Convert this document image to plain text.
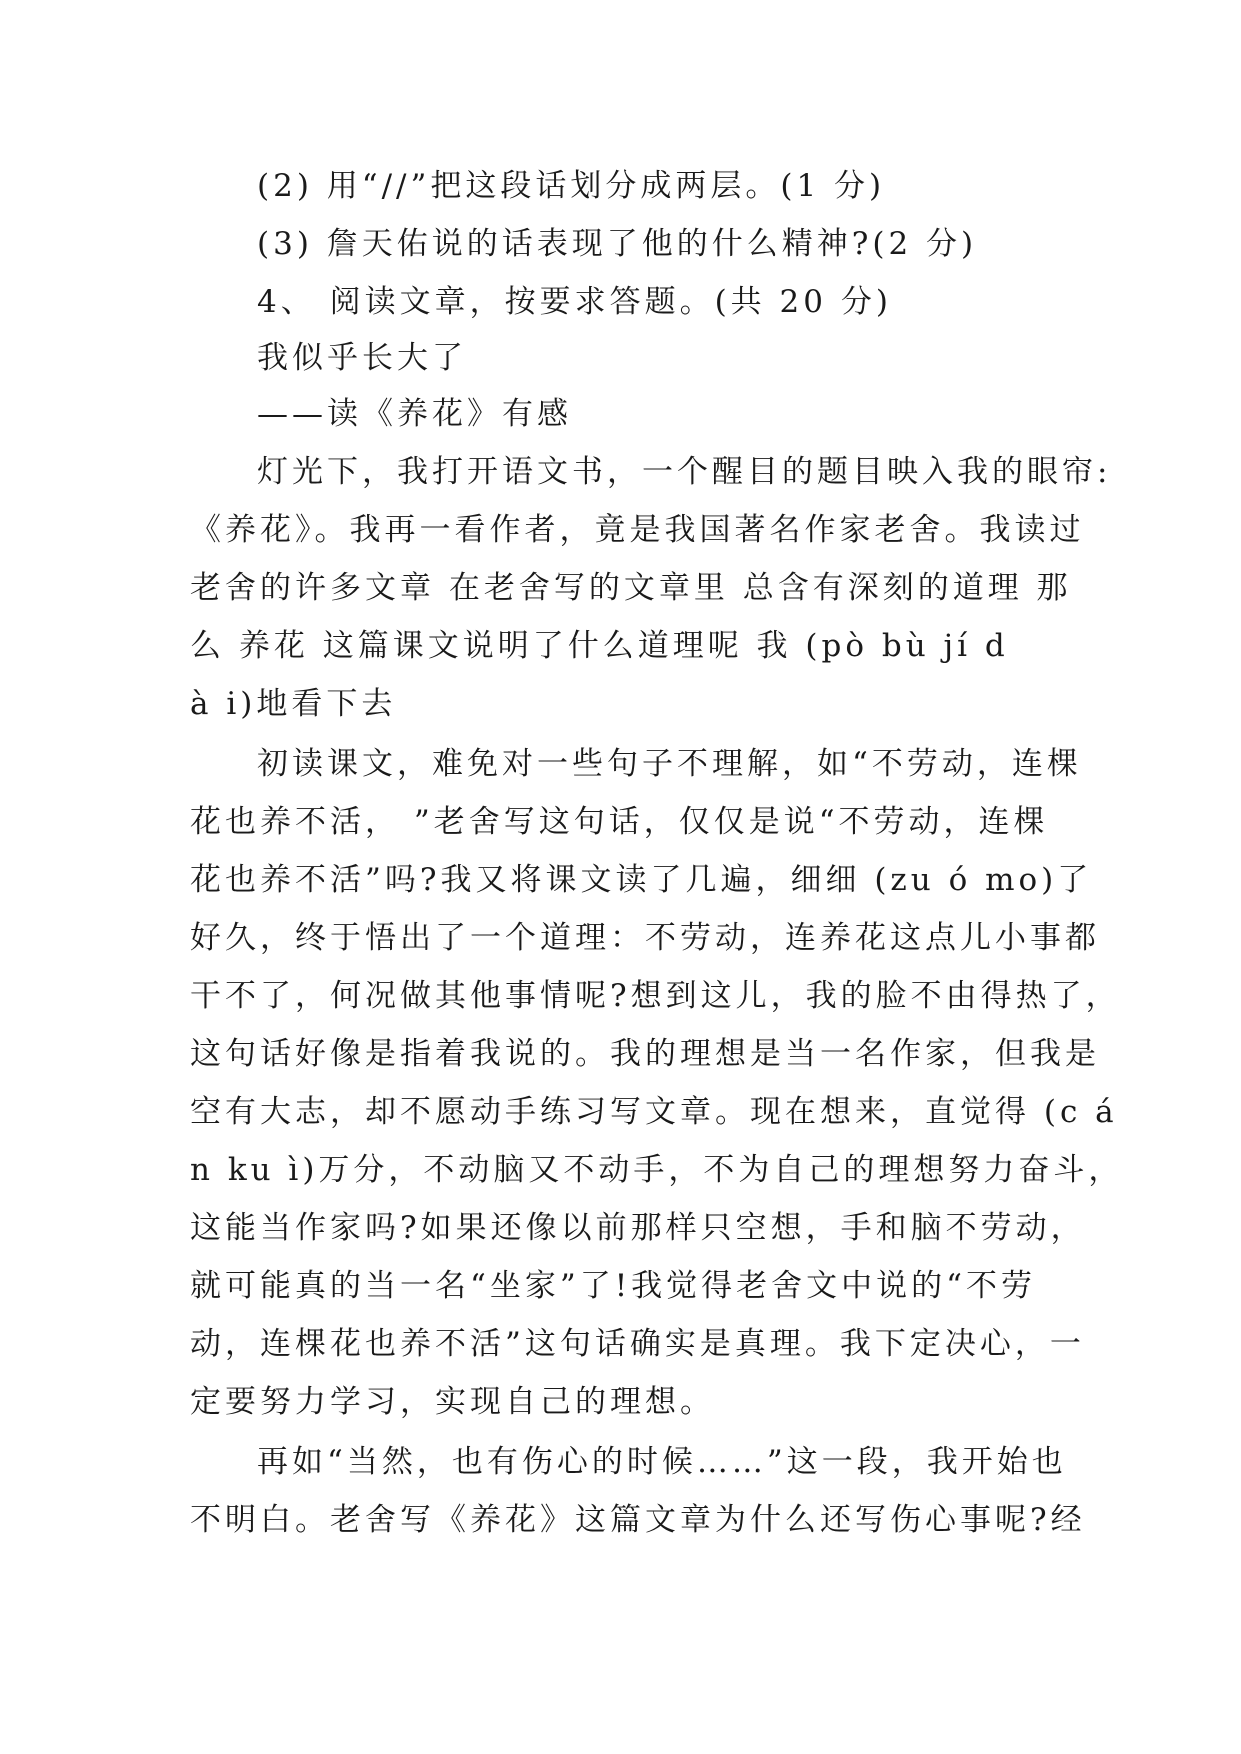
(2) 用“//”把这段话划分成两层。(1 分)
(3) 詹天佑说的话表现了他的什么精神?(2 分)
4、 阅读文章，按要求答题。(共 20 分)
我似乎长大了
——读《养花》有感
灯光下，我打开语文书，一个醒目的题目映入我的眼帘:
《养花》。我再一看作者，竟是我国著名作家老舍。我读过
老舍的许多文章 在老舍写的文章里 总含有深刻的道理 那
么 养花 这篇课文说明了什么道理呢 我 (pò bù jí d
à i)地看下去
初读课文，难免对一些句子不理解，如“不劳动，连棵
花也养不活， ”老舍写这句话，仅仅是说“不劳动，连棵
花也养不活”吗?我又将课文读了几遍，细细 (zu ó mo)了
好久，终于悟出了一个道理：不劳动，连养花这点儿小事都
干不了，何况做其他事情呢?想到这儿，我的脸不由得热了，
这句话好像是指着我说的。我的理想是当一名作家，但我是
空有大志，却不愿动手练习写文章。现在想来，直觉得 (c á
n ku ì)万分，不动脑又不动手，不为自己的理想努力奋斗，
这能当作家吗?如果还像以前那样只空想，手和脑不劳动，
就可能真的当一名“坐家”了!我觉得老舍文中说的“不劳
动，连棵花也养不活”这句话确实是真理。我下定决心，一
定要努力学习，实现自己的理想。
再如“当然，也有伤心的时候……”这一段，我开始也
不明白。老舍写《养花》这篇文章为什么还写伤心事呢?经
